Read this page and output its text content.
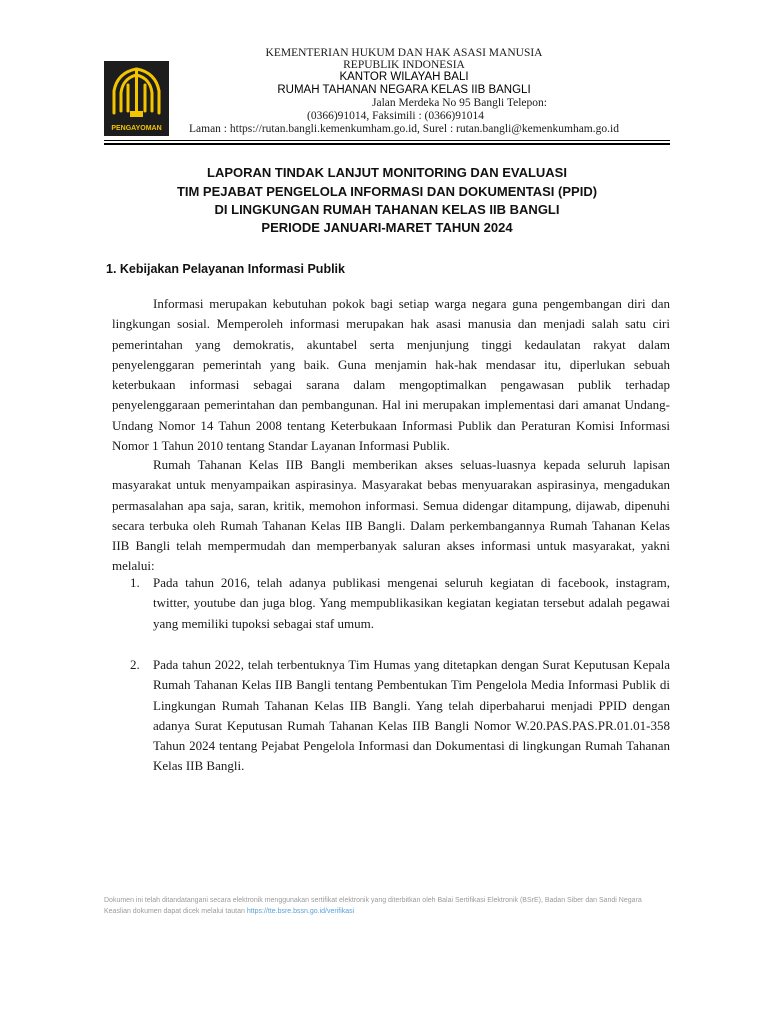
PENGAYOMAN
KEMENTERIAN HUKUM DAN HAK ASASI MANUSIA
REPUBLIK INDONESIA
KANTOR WILAYAH BALI
RUMAH TAHANAN NEGARA KELAS IIB BANGLI
Jalan Merdeka No 95 Bangli Telepon:
(0366)91014, Faksimili : (0366)91014
Laman : https://rutan.bangli.kemenkumham.go.id, Surel : rutan.bangli@kemenkumham.go.id
LAPORAN TINDAK LANJUT MONITORING DAN EVALUASI
TIM PEJABAT PENGELOLA INFORMASI DAN DOKUMENTASI (PPID)
DI LINGKUNGAN RUMAH TAHANAN KELAS IIB BANGLI
PERIODE JANUARI-MARET TAHUN 2024
1. Kebijakan Pelayanan Informasi Publik

Informasi merupakan kebutuhan pokok bagi setiap warga negara guna pengembangan diri dan lingkungan sosial. Memperoleh informasi merupakan hak asasi manusia dan menjadi salah satu ciri pemerintahan yang demokratis, akuntabel serta menjunjung tinggi kedaulatan rakyat dalam penyelenggaran pemerintah yang baik. Guna menjamin hak-hak mendasar itu, diperlukan sebuah keterbukaan informasi sebagai sarana dalam mengoptimalkan pengawasan publik terhadap penyelenggaraan pemerintahan dan pembangunan. Hal ini merupakan implementasi dari amanat Undang- Undang Nomor 14 Tahun 2008 tentang Keterbukaan Informasi Publik dan Peraturan Komisi Informasi Nomor 1 Tahun 2010 tentang Standar Layanan Informasi Publik.

Rumah Tahanan Kelas IIB Bangli memberikan akses seluas-luasnya kepada seluruh lapisan masyarakat untuk menyampaikan aspirasinya. Masyarakat bebas menyuarakan aspirasinya, mengadukan permasalahan apa saja, saran, kritik, memohon informasi. Semua didengar ditampung, dijawab, dipenuhi secara terbuka oleh Rumah Tahanan Kelas IIB Bangli. Dalam perkembangannya Rumah Tahanan Kelas IIB Bangli telah mempermudah dan memperbanyak saluran akses informasi untuk masyarakat, yakni melalui:

1. Pada tahun 2016, telah adanya publikasi mengenai seluruh kegiatan di facebook, instagram, twitter, youtube dan juga blog. Yang mempublikasikan kegiatan kegiatan tersebut adalah pegawai yang memiliki tupoksi sebagai staf umum.

2. Pada tahun 2022, telah terbentuknya Tim Humas yang ditetapkan dengan Surat Keputusan Kepala Rumah Tahanan Kelas IIB Bangli tentang Pembentukan Tim Pengelola Media Informasi Publik di Lingkungan Rumah Tahanan Kelas IIB Bangli. Yang telah diperbaharui menjadi PPID dengan adanya Surat Keputusan Rumah Tahanan Kelas IIB Bangli Nomor W.20.PAS.PAS.PR.01.01-358 Tahun 2024 tentang Pejabat Pengelola Informasi dan Dokumentasi di lingkungan Rumah Tahanan Kelas IIB Bangli.

Dokumen ini telah ditandatangani secara elektronik menggunakan sertifikat elektronik yang diterbitkan oleh Balai Sertifikasi Elektronik (BSrE), Badan Siber dan Sandi Negara
Keaslian dokumen dapat dicek melalui tautan https://tte.bsre.bssn.go.id/verifikasi
